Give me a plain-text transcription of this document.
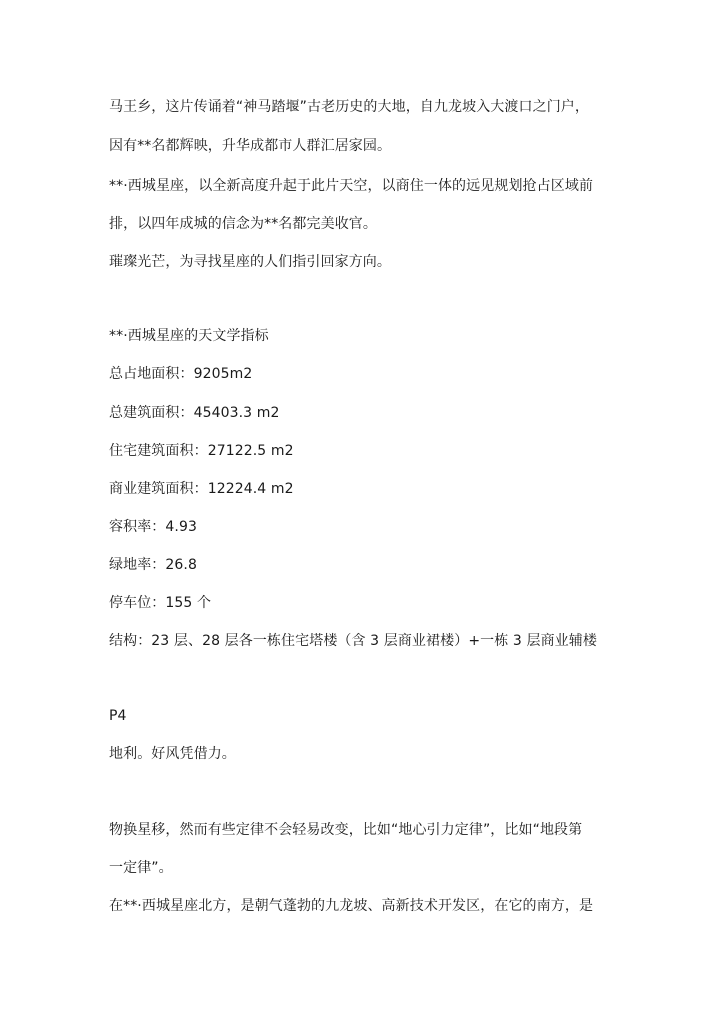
马王乡，这片传诵着“神马踏堰”古老历史的大地，自九龙坡入大渡口之门户，
因有**名都辉映，升华成都市人群汇居家园。
**·西城星座，以全新高度升起于此片天空，以商住一体的远见规划抢占区域前
排，以四年成城的信念为**名都完美收官。
璀璨光芒，为寻找星座的人们指引回家方向。
**·西城星座的天文学指标
总占地面积：9205m2
总建筑面积：45403.3 m2
住宅建筑面积：27122.5 m2
商业建筑面积：12224.4 m2
容积率：4.93
绿地率：26.8
停车位：155 个
结构：23 层、28 层各一栋住宅塔楼（含 3 层商业裙楼）+一栋 3 层商业辅楼
P4
地利。好风凭借力。
物换星移，然而有些定律不会轻易改变，比如“地心引力定律”，比如“地段第
一定律”。
在**·西城星座北方，是朝气蓬勃的九龙坡、高新技术开发区，在它的南方，是
